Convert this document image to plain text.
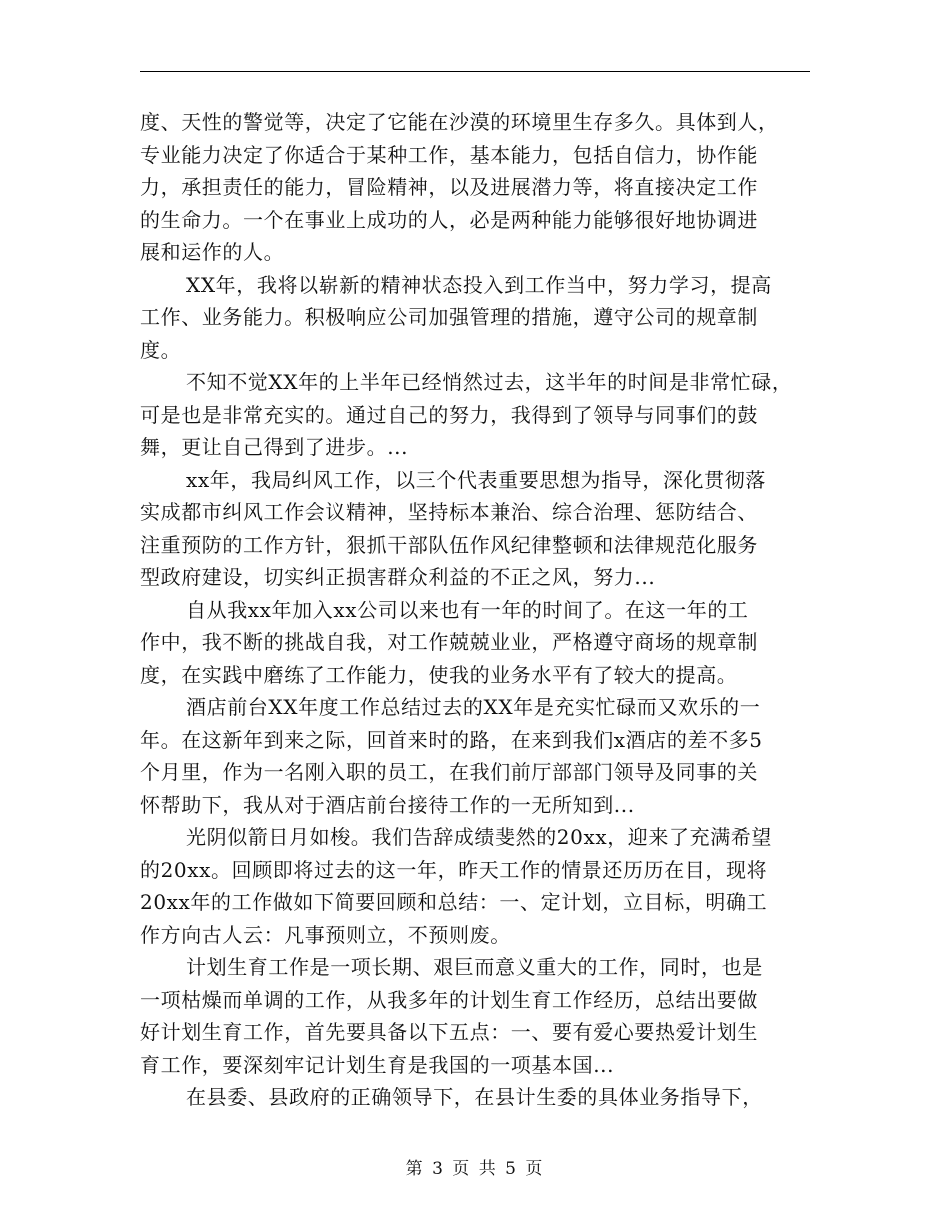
度、天性的警觉等，决定了它能在沙漠的环境里生存多久。具体到人，
专业能力决定了你适合于某种工作，基本能力，包括自信力，协作能
力，承担责任的能力，冒险精神，以及进展潜力等，将直接决定工作
的生命力。一个在事业上成功的人，必是两种能力能够很好地协调进
展和运作的人。
XX年，我将以崭新的精神状态投入到工作当中，努力学习，提高
工作、业务能力。积极响应公司加强管理的措施，遵守公司的规章制
度。
不知不觉XX年的上半年已经悄然过去，这半年的时间是非常忙碌，
可是也是非常充实的。通过自己的努力，我得到了领导与同事们的鼓
舞，更让自己得到了进步。...
xx年，我局纠风工作，以三个代表重要思想为指导，深化贯彻落
实成都市纠风工作会议精神，坚持标本兼治、综合治理、惩防结合、
注重预防的工作方针，狠抓干部队伍作风纪律整顿和法律规范化服务
型政府建设，切实纠正损害群众利益的不正之风，努力...
自从我xx年加入xx公司以来也有一年的时间了。在这一年的工
作中，我不断的挑战自我，对工作兢兢业业，严格遵守商场的规章制
度，在实践中磨练了工作能力，使我的业务水平有了较大的提高。
酒店前台XX年度工作总结过去的XX年是充实忙碌而又欢乐的一
年。在这新年到来之际，回首来时的路，在来到我们x酒店的差不多5
个月里，作为一名刚入职的员工，在我们前厅部部门领导及同事的关
怀帮助下，我从对于酒店前台接待工作的一无所知到...
光阴似箭日月如梭。我们告辞成绩斐然的20xx，迎来了充满希望
的20xx。回顾即将过去的这一年，昨天工作的情景还历历在目，现将
20xx年的工作做如下简要回顾和总结：一、定计划，立目标，明确工
作方向古人云：凡事预则立，不预则废。
计划生育工作是一项长期、艰巨而意义重大的工作，同时，也是
一项枯燥而单调的工作，从我多年的计划生育工作经历，总结出要做
好计划生育工作，首先要具备以下五点：一、要有爱心要热爱计划生
育工作，要深刻牢记计划生育是我国的一项基本国...
在县委、县政府的正确领导下，在县计生委的具体业务指导下，
第 3 页 共 5 页
